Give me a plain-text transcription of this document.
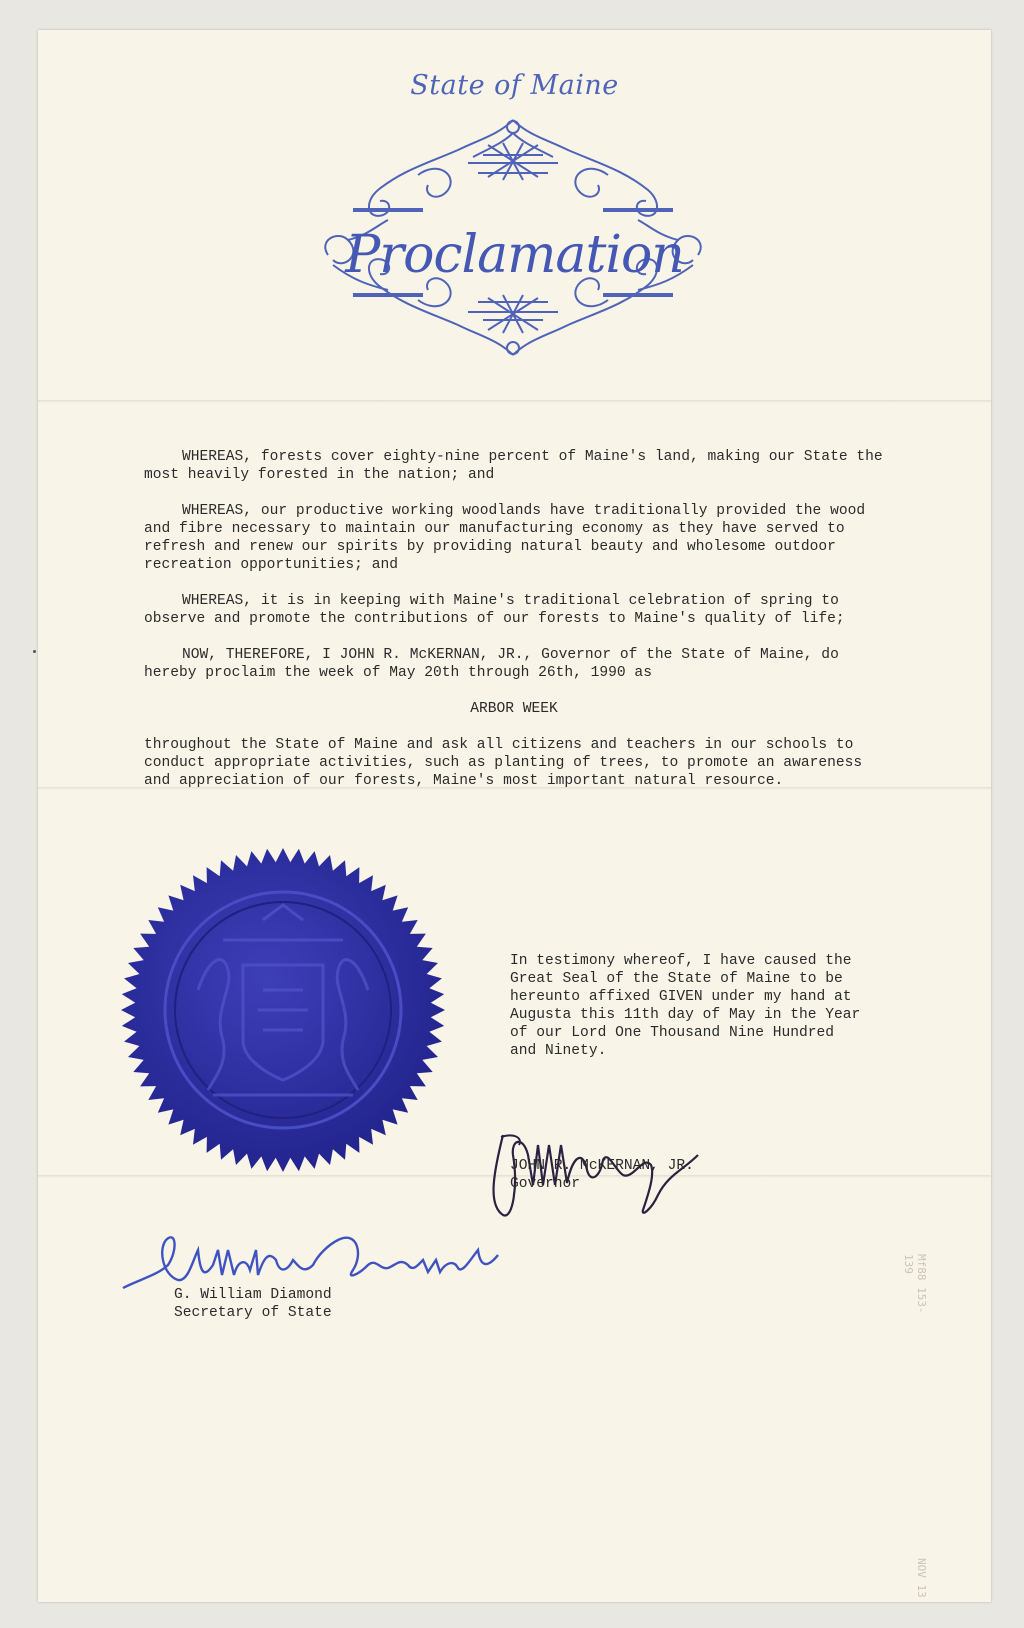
State of Maine
Proclamation

WHEREAS, forests cover eighty-nine percent of Maine's land, making our State the most heavily forested in the nation; and

WHEREAS, our productive working woodlands have traditionally provided the wood and fibre necessary to maintain our manufacturing economy as they have served to refresh and renew our spirits by providing natural beauty and wholesome outdoor recreation opportunities; and

WHEREAS, it is in keeping with Maine's traditional celebration of spring to observe and promote the contributions of our forests to Maine's quality of life;

NOW, THEREFORE, I JOHN R. McKERNAN, JR., Governor of the State of Maine, do hereby proclaim the week of May 20th through 26th, 1990 as

ARBOR WEEK

throughout the State of Maine and ask all citizens and teachers in our schools to conduct appropriate activities, such as planting of trees, to promote an awareness and appreciation of our forests, Maine's most important natural resource.

In testimony whereof, I have caused the
Great Seal of the State of Maine to be
hereunto affixed GIVEN under my hand at
Augusta this 11th day of May in the Year
of our Lord One Thousand Nine Hundred
and Ninety.
JOHN R. McKERNAN, JR.
Governor
G. William Diamond
Secretary of State	Mf88 153-139
NOV 13
